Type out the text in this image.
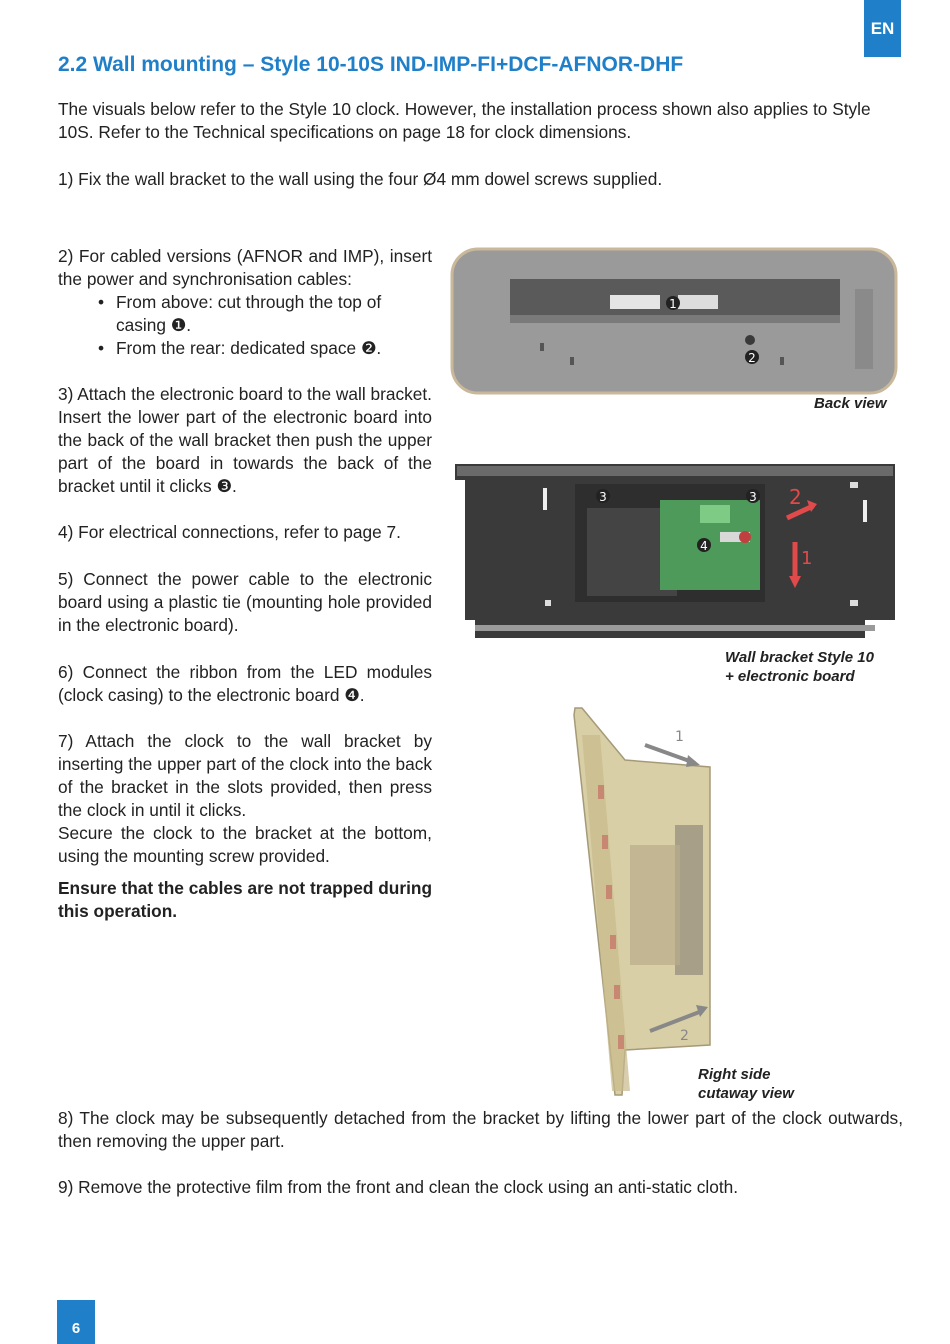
EN
2.2 Wall mounting – Style 10-10S IND-IMP-FI+DCF-AFNOR-DHF

The visuals below refer to the Style 10 clock. However, the installation process shown also applies to Style 10S. Refer to the Technical specifications on page 18 for clock dimensions.

1) Fix the wall bracket to the wall using the four Ø4 mm dowel screws supplied.

2) For cabled versions (AFNOR and IMP), insert the power and synchronisation cables:
• From above: cut through the top of casing ❶.
• From the rear: dedicated space ❷.

3) Attach the electronic board to the wall bracket. Insert the lower part of the electronic board into the back of the wall bracket then push the upper part of the board in towards the back of the bracket until it clicks ❸.

4) For electrical connections, refer to page 7.

5) Connect the power cable to the electronic board using a plastic tie (mounting hole provided in the electronic board).

6) Connect the ribbon from the LED modules (clock casing) to the electronic board ❹.

7) Attach the clock to the wall bracket by inserting the upper part of the clock into the back of the bracket in the slots provided, then press the clock in until it clicks.

Secure the clock to the bracket at the bottom, using the mounting screw provided.

Ensure that the cables are not trapped during this operation.

1
2

Back view

3	3
4
2
1

Wall bracket Style 10
+ electronic board

1
2

Right side
cutaway view

8) The clock may be subsequently detached from the bracket by lifting the lower part of the clock outwards, then removing the upper part.

9) Remove the protective film from the front and clean the clock using an anti-static cloth.

6
